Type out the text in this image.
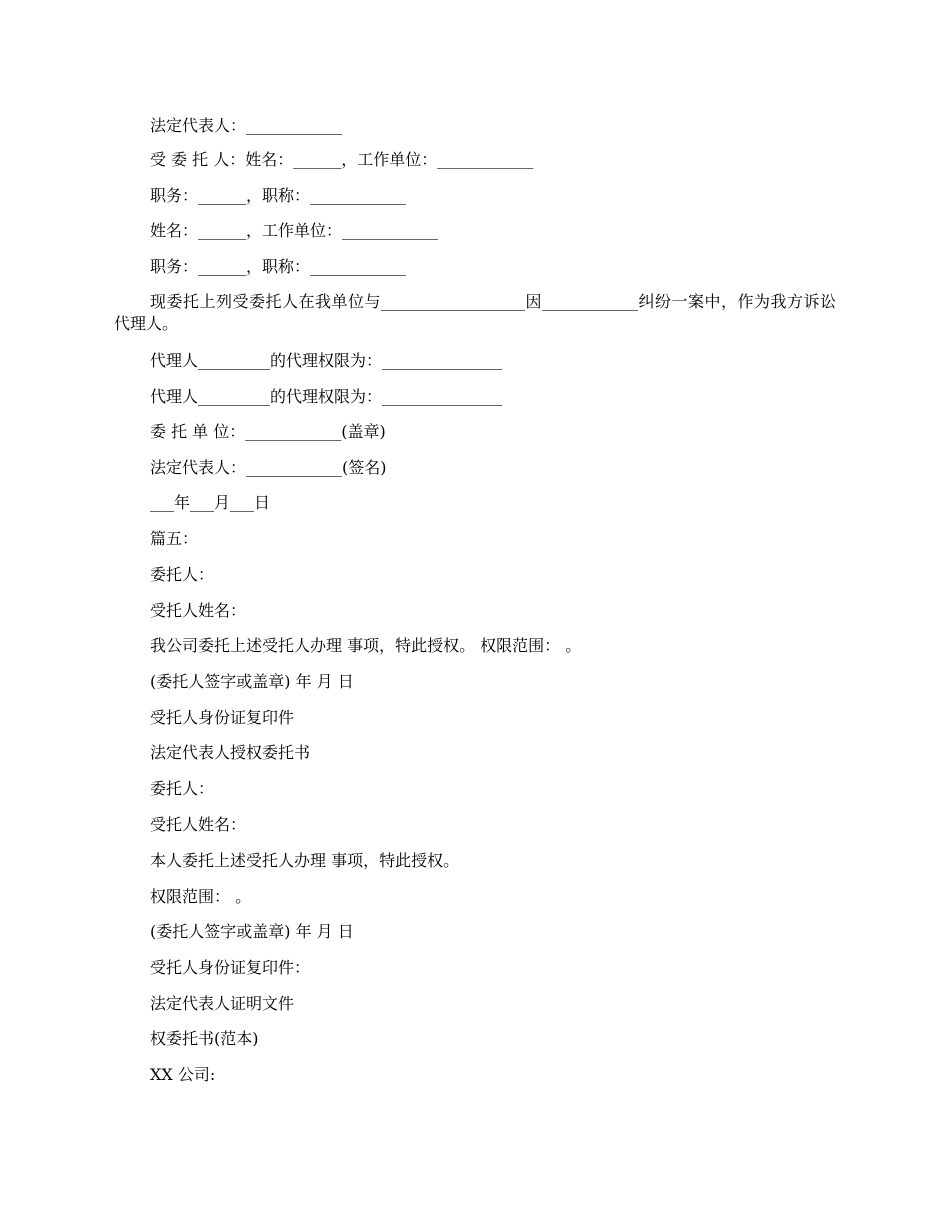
法定代表人：____________
受 委 托 人：姓名：______，工作单位：____________
职务：______，职称：____________
姓名：______，工作单位：____________
职务：______，职称：____________
现委托上列受委托人在我单位与__________________因____________纠纷一案中，作为我方诉讼代理人。
代理人_________的代理权限为：_______________
代理人_________的代理权限为：_______________
委 托 单 位：____________(盖章)
法定代表人：____________(签名)
___年___月___日
篇五：
委托人：
受托人姓名：
我公司委托上述受托人办理 事项，特此授权。 权限范围： 。
(委托人签字或盖章) 年 月 日
受托人身份证复印件
法定代表人授权委托书
委托人：
受托人姓名：
本人委托上述受托人办理 事项，特此授权。
权限范围： 。
(委托人签字或盖章) 年 月 日
受托人身份证复印件：
法定代表人证明文件
权委托书(范本)
XX 公司:
